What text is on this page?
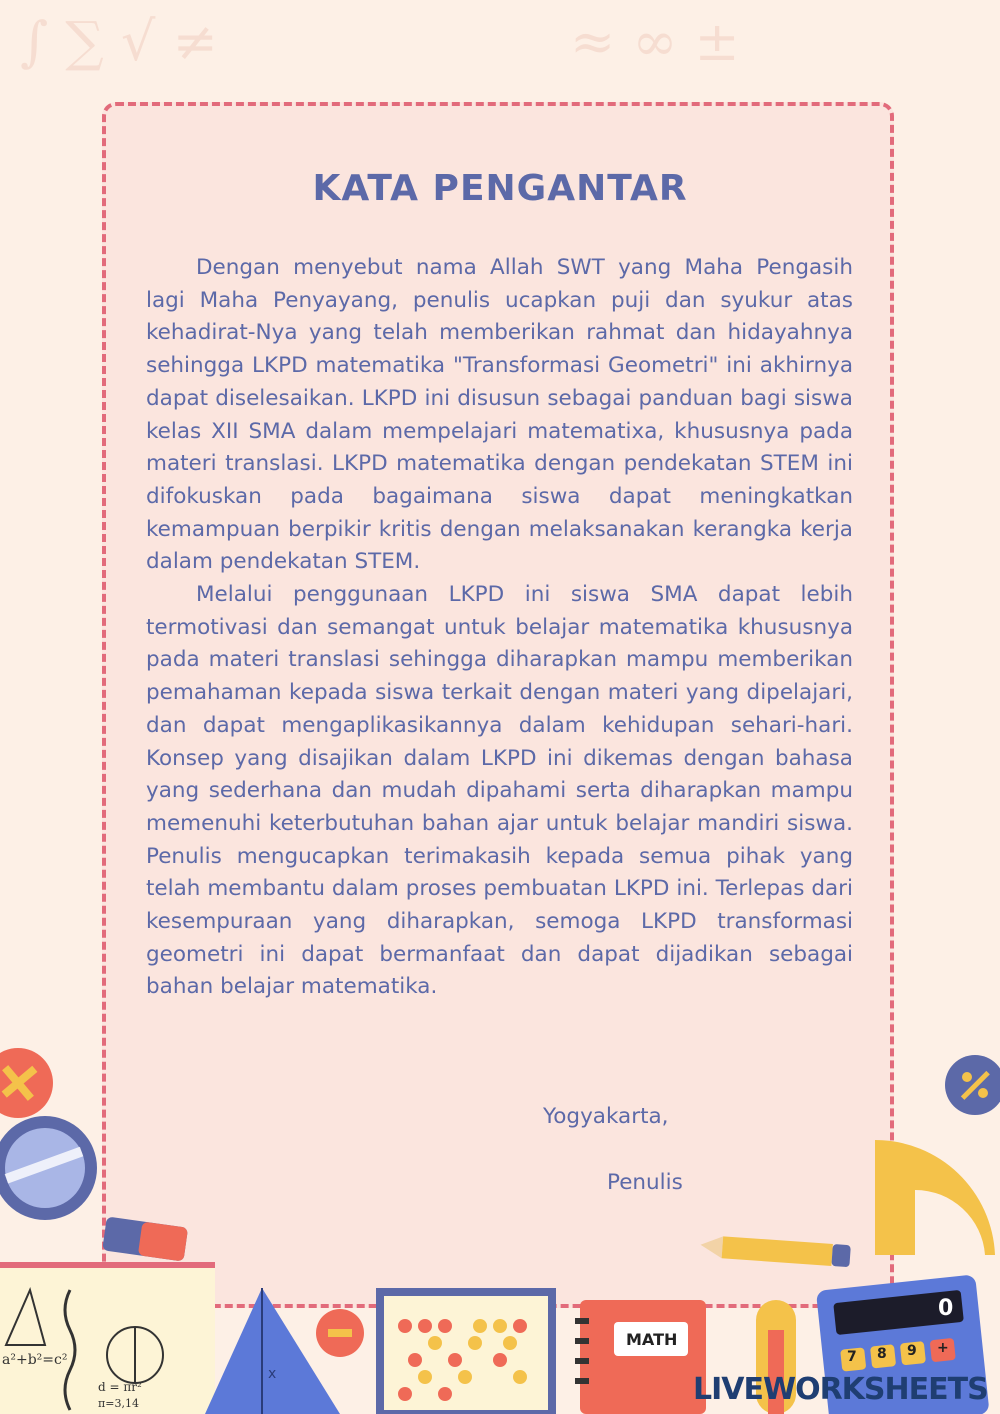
∫ ∑ √ ≠	≈ ∞ ±
KATA PENGANTAR

Dengan menyebut nama Allah SWT yang Maha Pengasih lagi Maha Penyayang, penulis ucapkan puji dan syukur atas kehadirat-Nya yang telah memberikan rahmat dan hidayahnya sehingga LKPD matematika "Transformasi Geometri" ini akhirnya dapat diselesaikan. LKPD ini disusun sebagai panduan bagi siswa kelas XII SMA dalam mempelajari matematixa, khususnya pada materi translasi. LKPD matematika dengan pendekatan STEM ini difokuskan pada bagaimana siswa dapat meningkatkan kemampuan berpikir kritis dengan melaksanakan kerangka kerja dalam pendekatan STEM.

Melalui penggunaan LKPD ini siswa SMA dapat lebih termotivasi dan semangat untuk belajar matematika khususnya pada materi translasi sehingga diharapkan mampu memberikan pemahaman kepada siswa terkait dengan materi yang dipelajari, dan dapat mengaplikasikannya dalam kehidupan sehari-hari. Konsep yang disajikan dalam LKPD ini dikemas dengan bahasa yang sederhana dan mudah dipahami serta diharapkan mampu memenuhi keterbutuhan bahan ajar untuk belajar mandiri siswa. Penulis mengucapkan terimakasih kepada semua pihak yang telah membantu dalam proses pembuatan LKPD ini. Terlepas dari kesempuraan yang diharapkan, semoga LKPD transformasi geometri ini dapat bermanfaat dan dapat dijadikan sebagai bahan belajar matematika.

Yogyakarta,
Penulis
x
a²+b²=c²
d = πr²
π=3,14
MATH
0
7 8 9 +
LIVEWORKSHEETS
